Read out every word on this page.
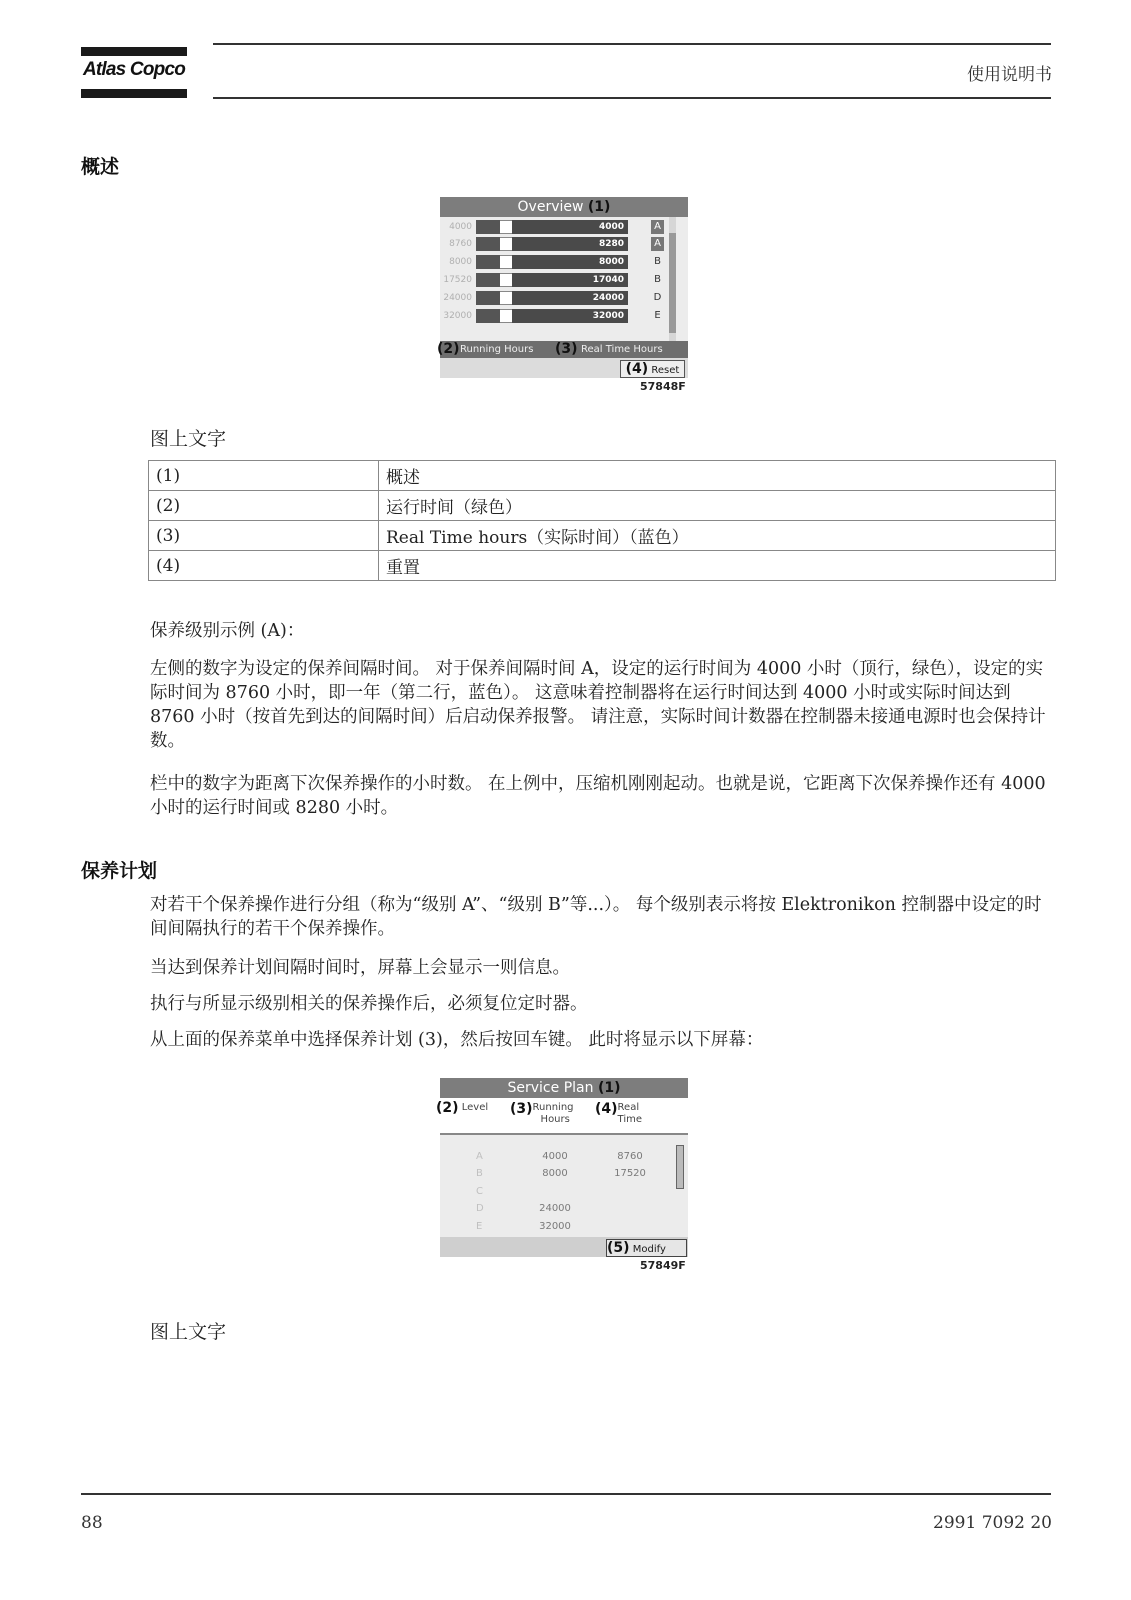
Atlas Copco	使用说明书
概述
Overview (1)
4000	4000	A
8760	8280	A
8000	8000	B
17520	17040	B
24000	24000	D
32000	32000	E
(2) Running Hours (3) Real Time Hours
(4) Reset
57848F
图上文字
(1)	概述
(2)	运行时间（绿色）
(3)	Real Time hours（实际时间）（蓝色）
(4)	重置
保养级别示例 (A)：
左侧的数字为设定的保养间隔时间。 对于保养间隔时间 A，设定的运行时间为 4000 小时（顶行，绿色），设定的实际时间为 8760 小时，即一年（第二行，蓝色）。 这意味着控制器将在运行时间达到 4000 小时或实际时间达到 8760 小时（按首先到达的间隔时间）后启动保养报警。 请注意，实际时间计数器在控制器未接通电源时也会保持计数。
栏中的数字为距离下次保养操作的小时数。 在上例中，压缩机刚刚起动。也就是说，它距离下次保养操作还有 4000 小时的运行时间或 8280 小时。
保养计划
对若干个保养操作进行分组（称为“级别 A”、“级别 B”等...）。 每个级别表示将按 Elektronikon 控制器中设定的时间间隔执行的若干个保养操作。
当达到保养计划间隔时间时，屏幕上会显示一则信息。
执行与所显示级别相关的保养操作后，必须复位定时器。
从上面的保养菜单中选择保养计划 (3)，然后按回车键。 此时将显示以下屏幕：
Service Plan (1)
(2) Level (3) Running
Hours
(4) Real
Time
A	4000	8760
B	8000	17520
C
D	24000
E	32000
(5) Modify
57849F
图上文字
88	2991 7092 20
